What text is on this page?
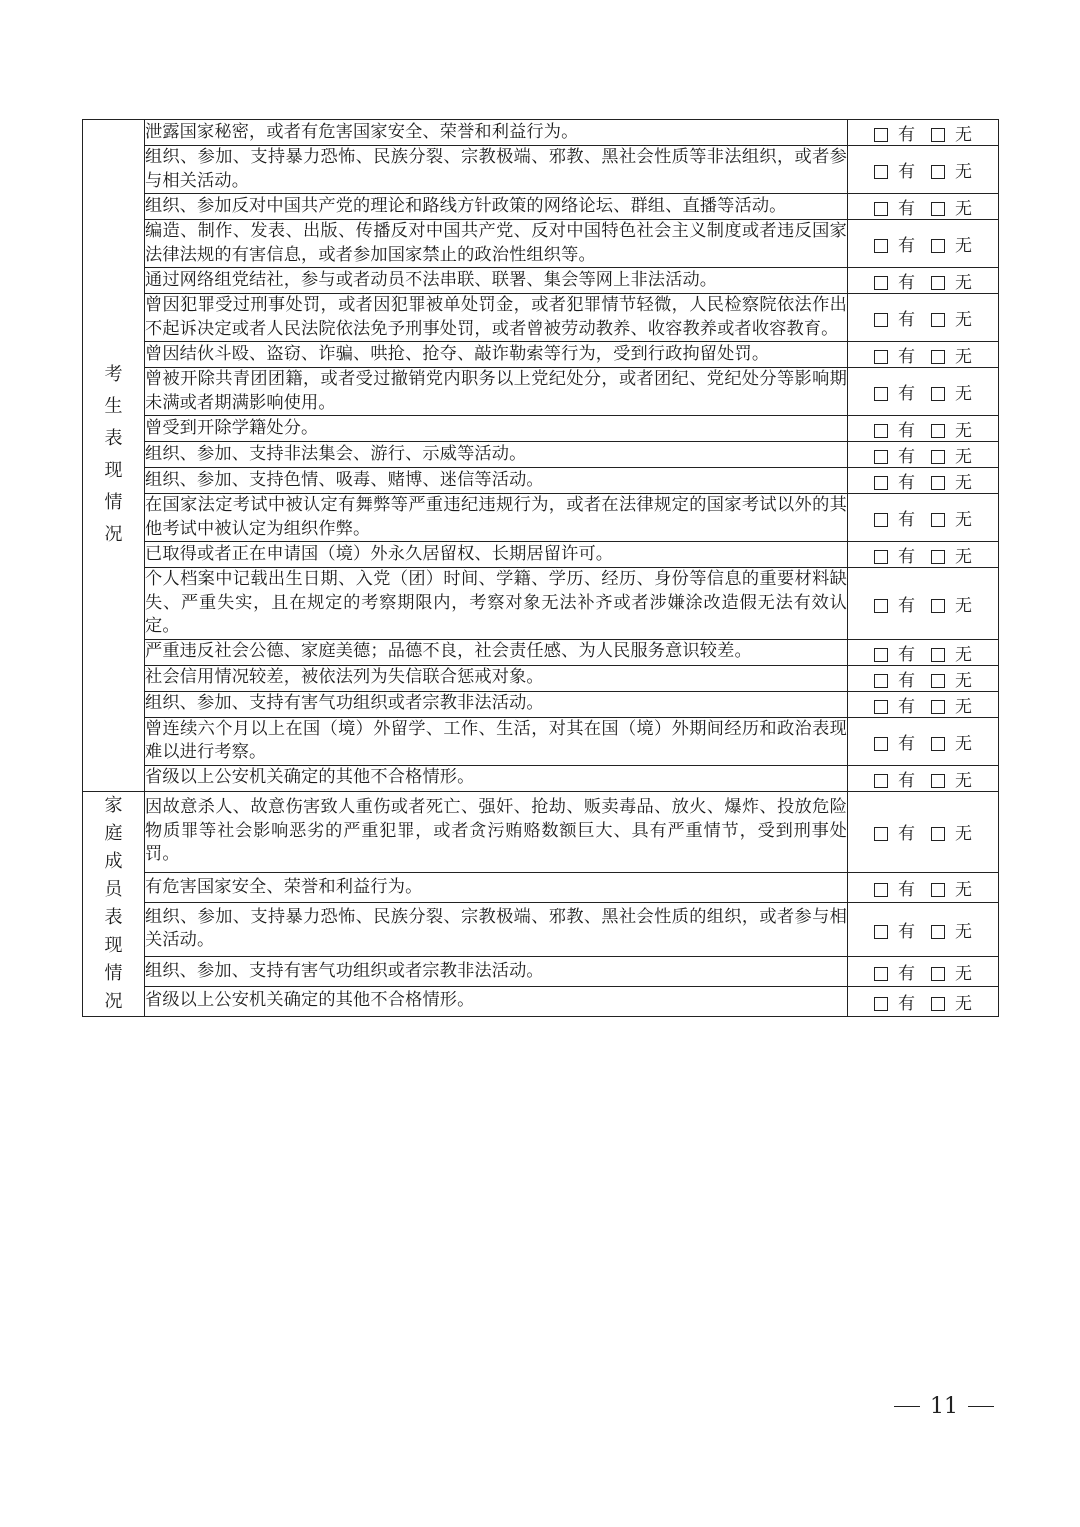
考生表现情况	泄露国家秘密，或者有危害国家安全、荣誉和利益行为。	有 无
	组织、参加、支持暴力恐怖、民族分裂、宗教极端、邪教、黑社会性质等非法组织，或者参与相关活动。	有 无
	组织、参加反对中国共产党的理论和路线方针政策的网络论坛、群组、直播等活动。	有 无
	编造、制作、发表、出版、传播反对中国共产党、反对中国特色社会主义制度或者违反国家法律法规的有害信息，或者参加国家禁止的政治性组织等。	有 无
	通过网络组党结社，参与或者动员不法串联、联署、集会等网上非法活动。	有 无
	曾因犯罪受过刑事处罚，或者因犯罪被单处罚金，或者犯罪情节轻微，人民检察院依法作出不起诉决定或者人民法院依法免予刑事处罚，或者曾被劳动教养、收容教养或者收容教育。	有 无
	曾因结伙斗殴、盗窃、诈骗、哄抢、抢夺、敲诈勒索等行为，受到行政拘留处罚。	有 无
	曾被开除共青团团籍，或者受过撤销党内职务以上党纪处分，或者团纪、党纪处分等影响期未满或者期满影响使用。	有 无
	曾受到开除学籍处分。	有 无
	组织、参加、支持非法集会、游行、示威等活动。	有 无
	组织、参加、支持色情、吸毒、赌博、迷信等活动。	有 无
	在国家法定考试中被认定有舞弊等严重违纪违规行为，或者在法律规定的国家考试以外的其他考试中被认定为组织作弊。	有 无
	已取得或者正在申请国（境）外永久居留权、长期居留许可。	有 无
	个人档案中记载出生日期、入党（团）时间、学籍、学历、经历、身份等信息的重要材料缺失、严重失实，且在规定的考察期限内，考察对象无法补齐或者涉嫌涂改造假无法有效认定。	有 无
	严重违反社会公德、家庭美德；品德不良，社会责任感、为人民服务意识较差。	有 无
	社会信用情况较差，被依法列为失信联合惩戒对象。	有 无
	组织、参加、支持有害气功组织或者宗教非法活动。	有 无
	曾连续六个月以上在国（境）外留学、工作、生活，对其在国（境）外期间经历和政治表现难以进行考察。	有 无
	省级以上公安机关确定的其他不合格情形。	有 无
家庭成员表现情况	因故意杀人、故意伤害致人重伤或者死亡、强奸、抢劫、贩卖毒品、放火、爆炸、投放危险物质罪等社会影响恶劣的严重犯罪，或者贪污贿赂数额巨大、具有严重情节，受到刑事处罚。	有 无
	有危害国家安全、荣誉和利益行为。	有 无
	组织、参加、支持暴力恐怖、民族分裂、宗教极端、邪教、黑社会性质的组织，或者参与相关活动。	有 无
	组织、参加、支持有害气功组织或者宗教非法活动。	有 无
	省级以上公安机关确定的其他不合格情形。	有 无
11
